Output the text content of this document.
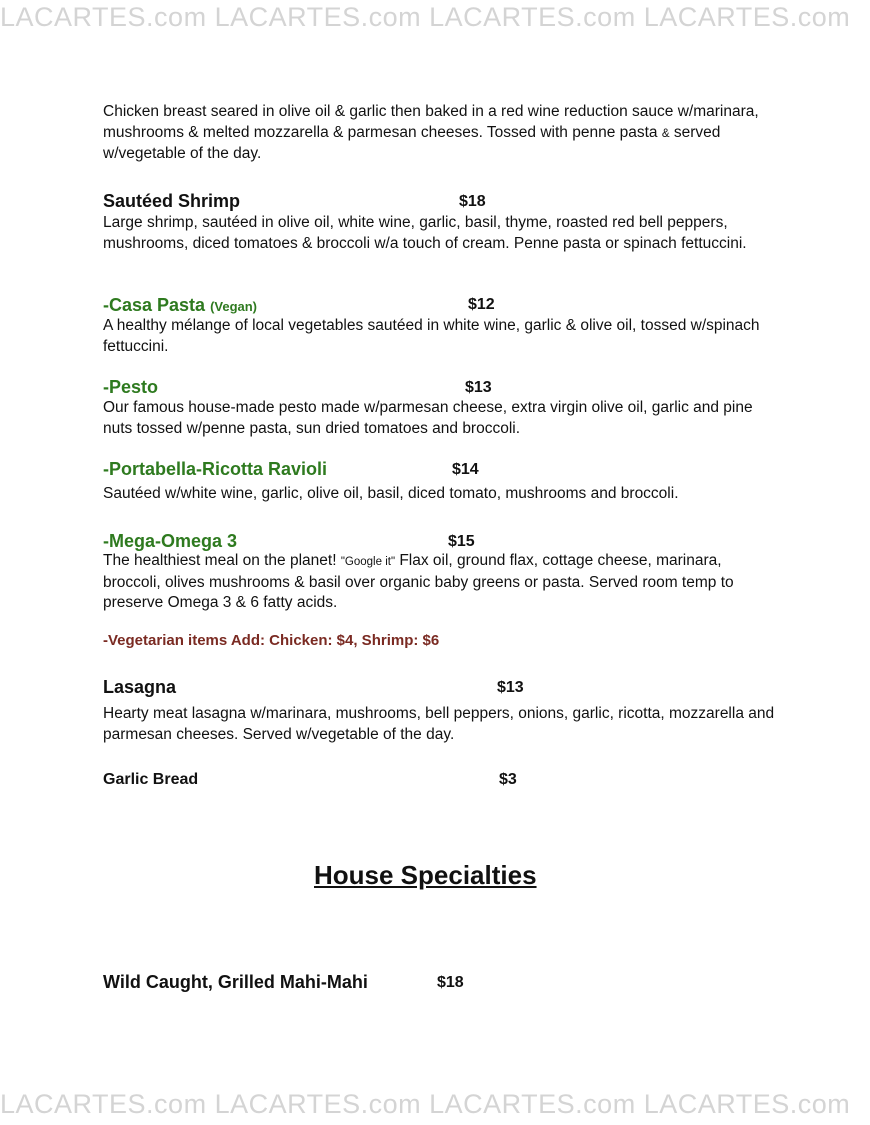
LACARTES.com LACARTES.com LACARTES.com LACARTES.com

Chicken breast seared in olive oil & garlic then baked in a red wine reduction sauce w/marinara, mushrooms & melted mozzarella & parmesan cheeses. Tossed with penne pasta & served w/vegetable of the day.

Sautéed Shrimp	$18

Large shrimp, sautéed in olive oil, white wine, garlic, basil, thyme, roasted red bell peppers, mushrooms, diced tomatoes & broccoli w/a touch of cream. Penne pasta or spinach fettuccini.

-Casa Pasta (Vegan)	$12

A healthy mélange of local vegetables sautéed in white wine, garlic & olive oil, tossed w/spinach fettuccini.

-Pesto	$13

Our famous house-made pesto made w/parmesan cheese, extra virgin olive oil, garlic and pine nuts tossed w/penne pasta, sun dried tomatoes and broccoli.

-Portabella-Ricotta Ravioli	$14

Sautéed w/white wine, garlic, olive oil, basil, diced tomato, mushrooms and broccoli.

-Mega-Omega 3	$15

The healthiest meal on the planet! "Google it" Flax oil, ground flax, cottage cheese, marinara, broccoli, olives mushrooms & basil over organic baby greens or pasta. Served room temp to preserve Omega 3 & 6 fatty acids.

-Vegetarian items Add: Chicken: $4, Shrimp: $6
Lasagna	$13

Hearty meat lasagna w/marinara, mushrooms, bell peppers, onions, garlic, ricotta, mozzarella and parmesan cheeses. Served w/vegetable of the day.

Garlic Bread	$3
House Specialties
Wild Caught, Grilled Mahi-Mahi	$18
LACARTES.com LACARTES.com LACARTES.com LACARTES.com
